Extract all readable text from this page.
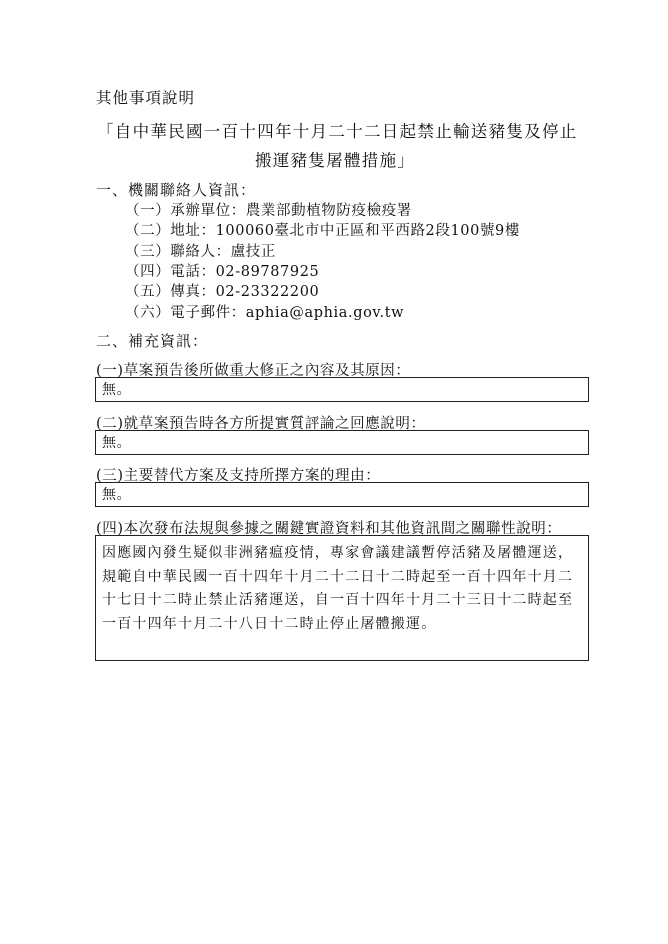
其他事項說明
「自中華民國一百十四年十月二十二日起禁止輸送豬隻及停止
搬運豬隻屠體措施」
一、機關聯絡人資訊：
（一）承辦單位：農業部動植物防疫檢疫署
（二）地址：100060臺北市中正區和平西路2段100號9樓
（三）聯絡人：盧技正
（四）電話：02-89787925
（五）傳真：02-23322200
（六）電子郵件：aphia@aphia.gov.tw
二、補充資訊：
(一)草案預告後所做重大修正之內容及其原因：
無。
(二)就草案預告時各方所提實質評論之回應說明：
無。
(三)主要替代方案及支持所擇方案的理由：
無。
(四)本次發布法規與參據之關鍵實證資料和其他資訊間之關聯性說明：
因應國內發生疑似非洲豬瘟疫情，專家會議建議暫停活豬及屠體運送，規範自中華民國一百十四年十月二十二日十二時起至一百十四年十月二十七日十二時止禁止活豬運送，自一百十四年十月二十三日十二時起至一百十四年十月二十八日十二時止停止屠體搬運。
